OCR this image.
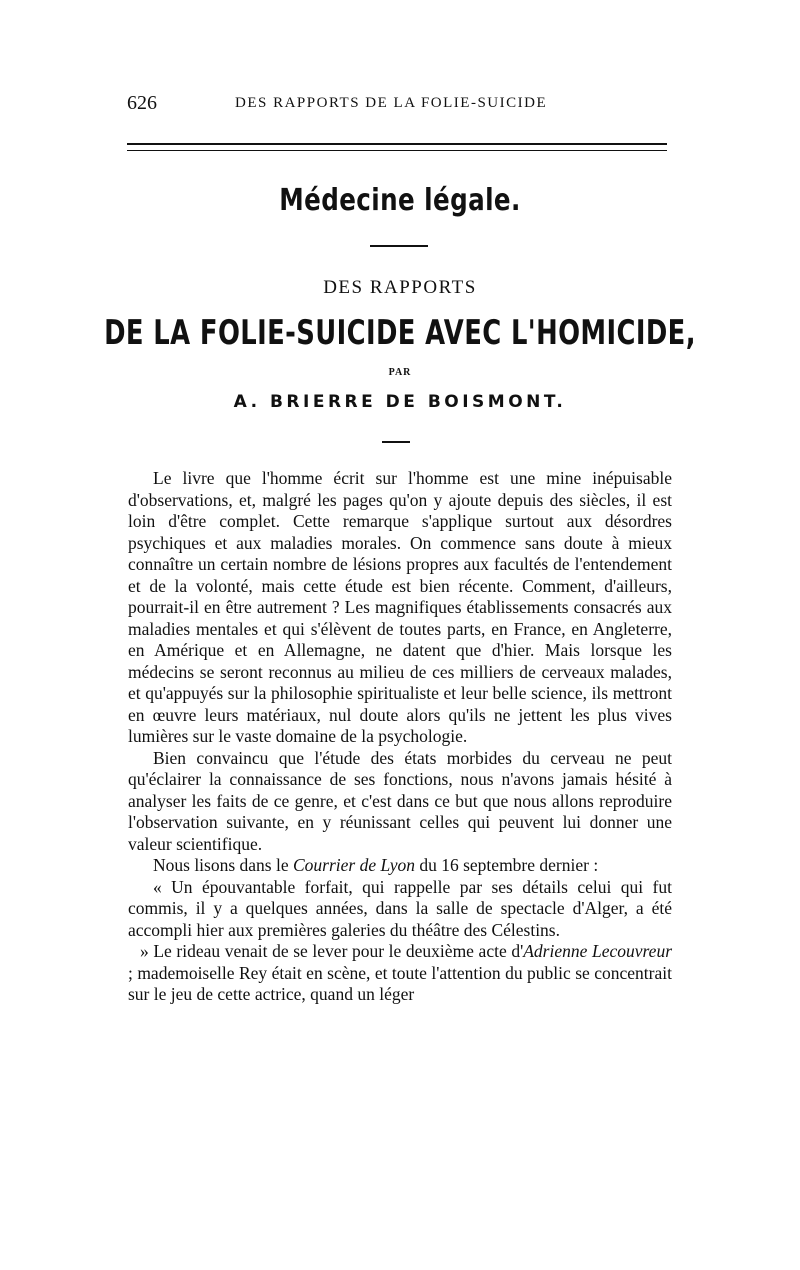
626	DES RAPPORTS DE LA FOLIE-SUICIDE
Médecine légale.
DES RAPPORTS
DE LA FOLIE-SUICIDE AVEC L'HOMICIDE,
PAR
A. BRIERRE DE BOISMONT.

Le livre que l'homme écrit sur l'homme est une mine inépuisable d'observations, et, malgré les pages qu'on y ajoute depuis des siècles, il est loin d'être complet. Cette remarque s'applique surtout aux désordres psychiques et aux maladies morales. On commence sans doute à mieux connaître un certain nombre de lésions propres aux facultés de l'entendement et de la volonté, mais cette étude est bien récente. Comment, d'ailleurs, pourrait-il en être autrement ? Les magnifiques établissements consacrés aux maladies mentales et qui s'élèvent de toutes parts, en France, en Angleterre, en Amérique et en Allemagne, ne datent que d'hier. Mais lorsque les médecins se seront reconnus au milieu de ces milliers de cerveaux malades, et qu'appuyés sur la philosophie spiritualiste et leur belle science, ils mettront en œuvre leurs matériaux, nul doute alors qu'ils ne jettent les plus vives lumières sur le vaste domaine de la psychologie.

Bien convaincu que l'étude des états morbides du cerveau ne peut qu'éclairer la connaissance de ses fonctions, nous n'avons jamais hésité à analyser les faits de ce genre, et c'est dans ce but que nous allons reproduire l'observation suivante, en y réunissant celles qui peuvent lui donner une valeur scientifique.

Nous lisons dans le Courrier de Lyon du 16 septembre dernier :

« Un épouvantable forfait, qui rappelle par ses détails celui qui fut commis, il y a quelques années, dans la salle de spectacle d'Alger, a été accompli hier aux premières galeries du théâtre des Célestins.

» Le rideau venait de se lever pour le deuxième acte d'Adrienne Lecouvreur ; mademoiselle Rey était en scène, et toute l'attention du public se concentrait sur le jeu de cette actrice, quand un léger
